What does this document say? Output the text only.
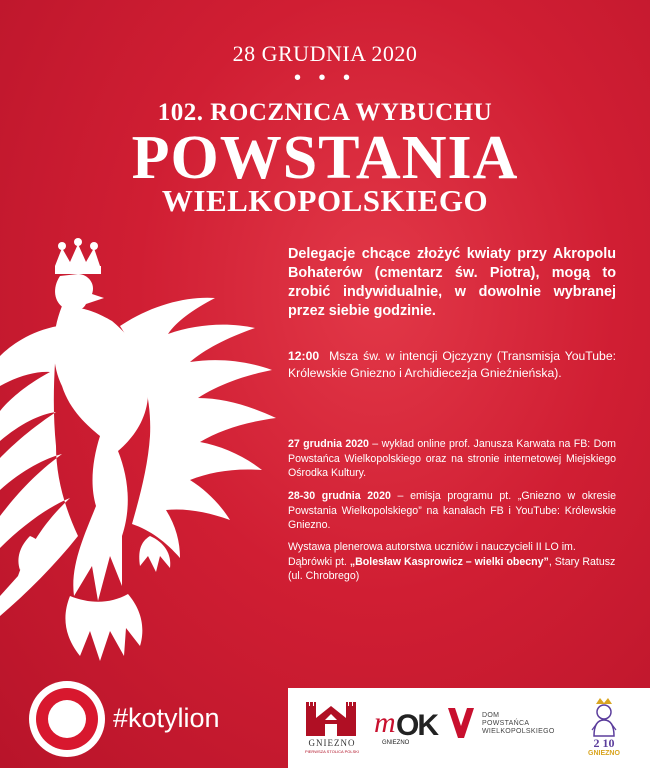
28 GRUDNIA 2020
• • •
102. ROCZNICA WYBUCHU
POWSTANIA
WIELKOPOLSKIEGO
Delegacje chcące złożyć kwiaty przy Akropolu Bohaterów (cmentarz św. Piotra), mogą to zrobić indywidualnie, w dowolnie wybranej przez siebie godzinie.
12:00 Msza św. w intencji Ojczyzny (Transmisja YouTube: Królewskie Gniezno i Archidiecezja Gnieźnieńska).
27 grudnia 2020 – wykład online prof. Janusza Karwata na FB: Dom Powstańca Wielkopolskiego oraz na stronie internetowej Miejskiego Ośrodka Kultury.
28-30 grudnia 2020 – emisja programu pt. „Gniezno w okresie Powstania Wielkopolskiego” na kanałach FB i YouTube: Królewskie Gniezno.
Wystawa plenerowa autorstwa uczniów i nauczycieli II LO im. Dąbrówki pt. „Bolesław Kasprowicz – wielki obecny”, Stary Ratusz (ul. Chrobrego)
#kotylion
GNIEZNO
PIERWSZA STOLICA POLSKI
m OK
GNIEZNO
DOM
POWSTAŃCA
WIELKOPOLSKIEGO
2 10
GNIEZNO
